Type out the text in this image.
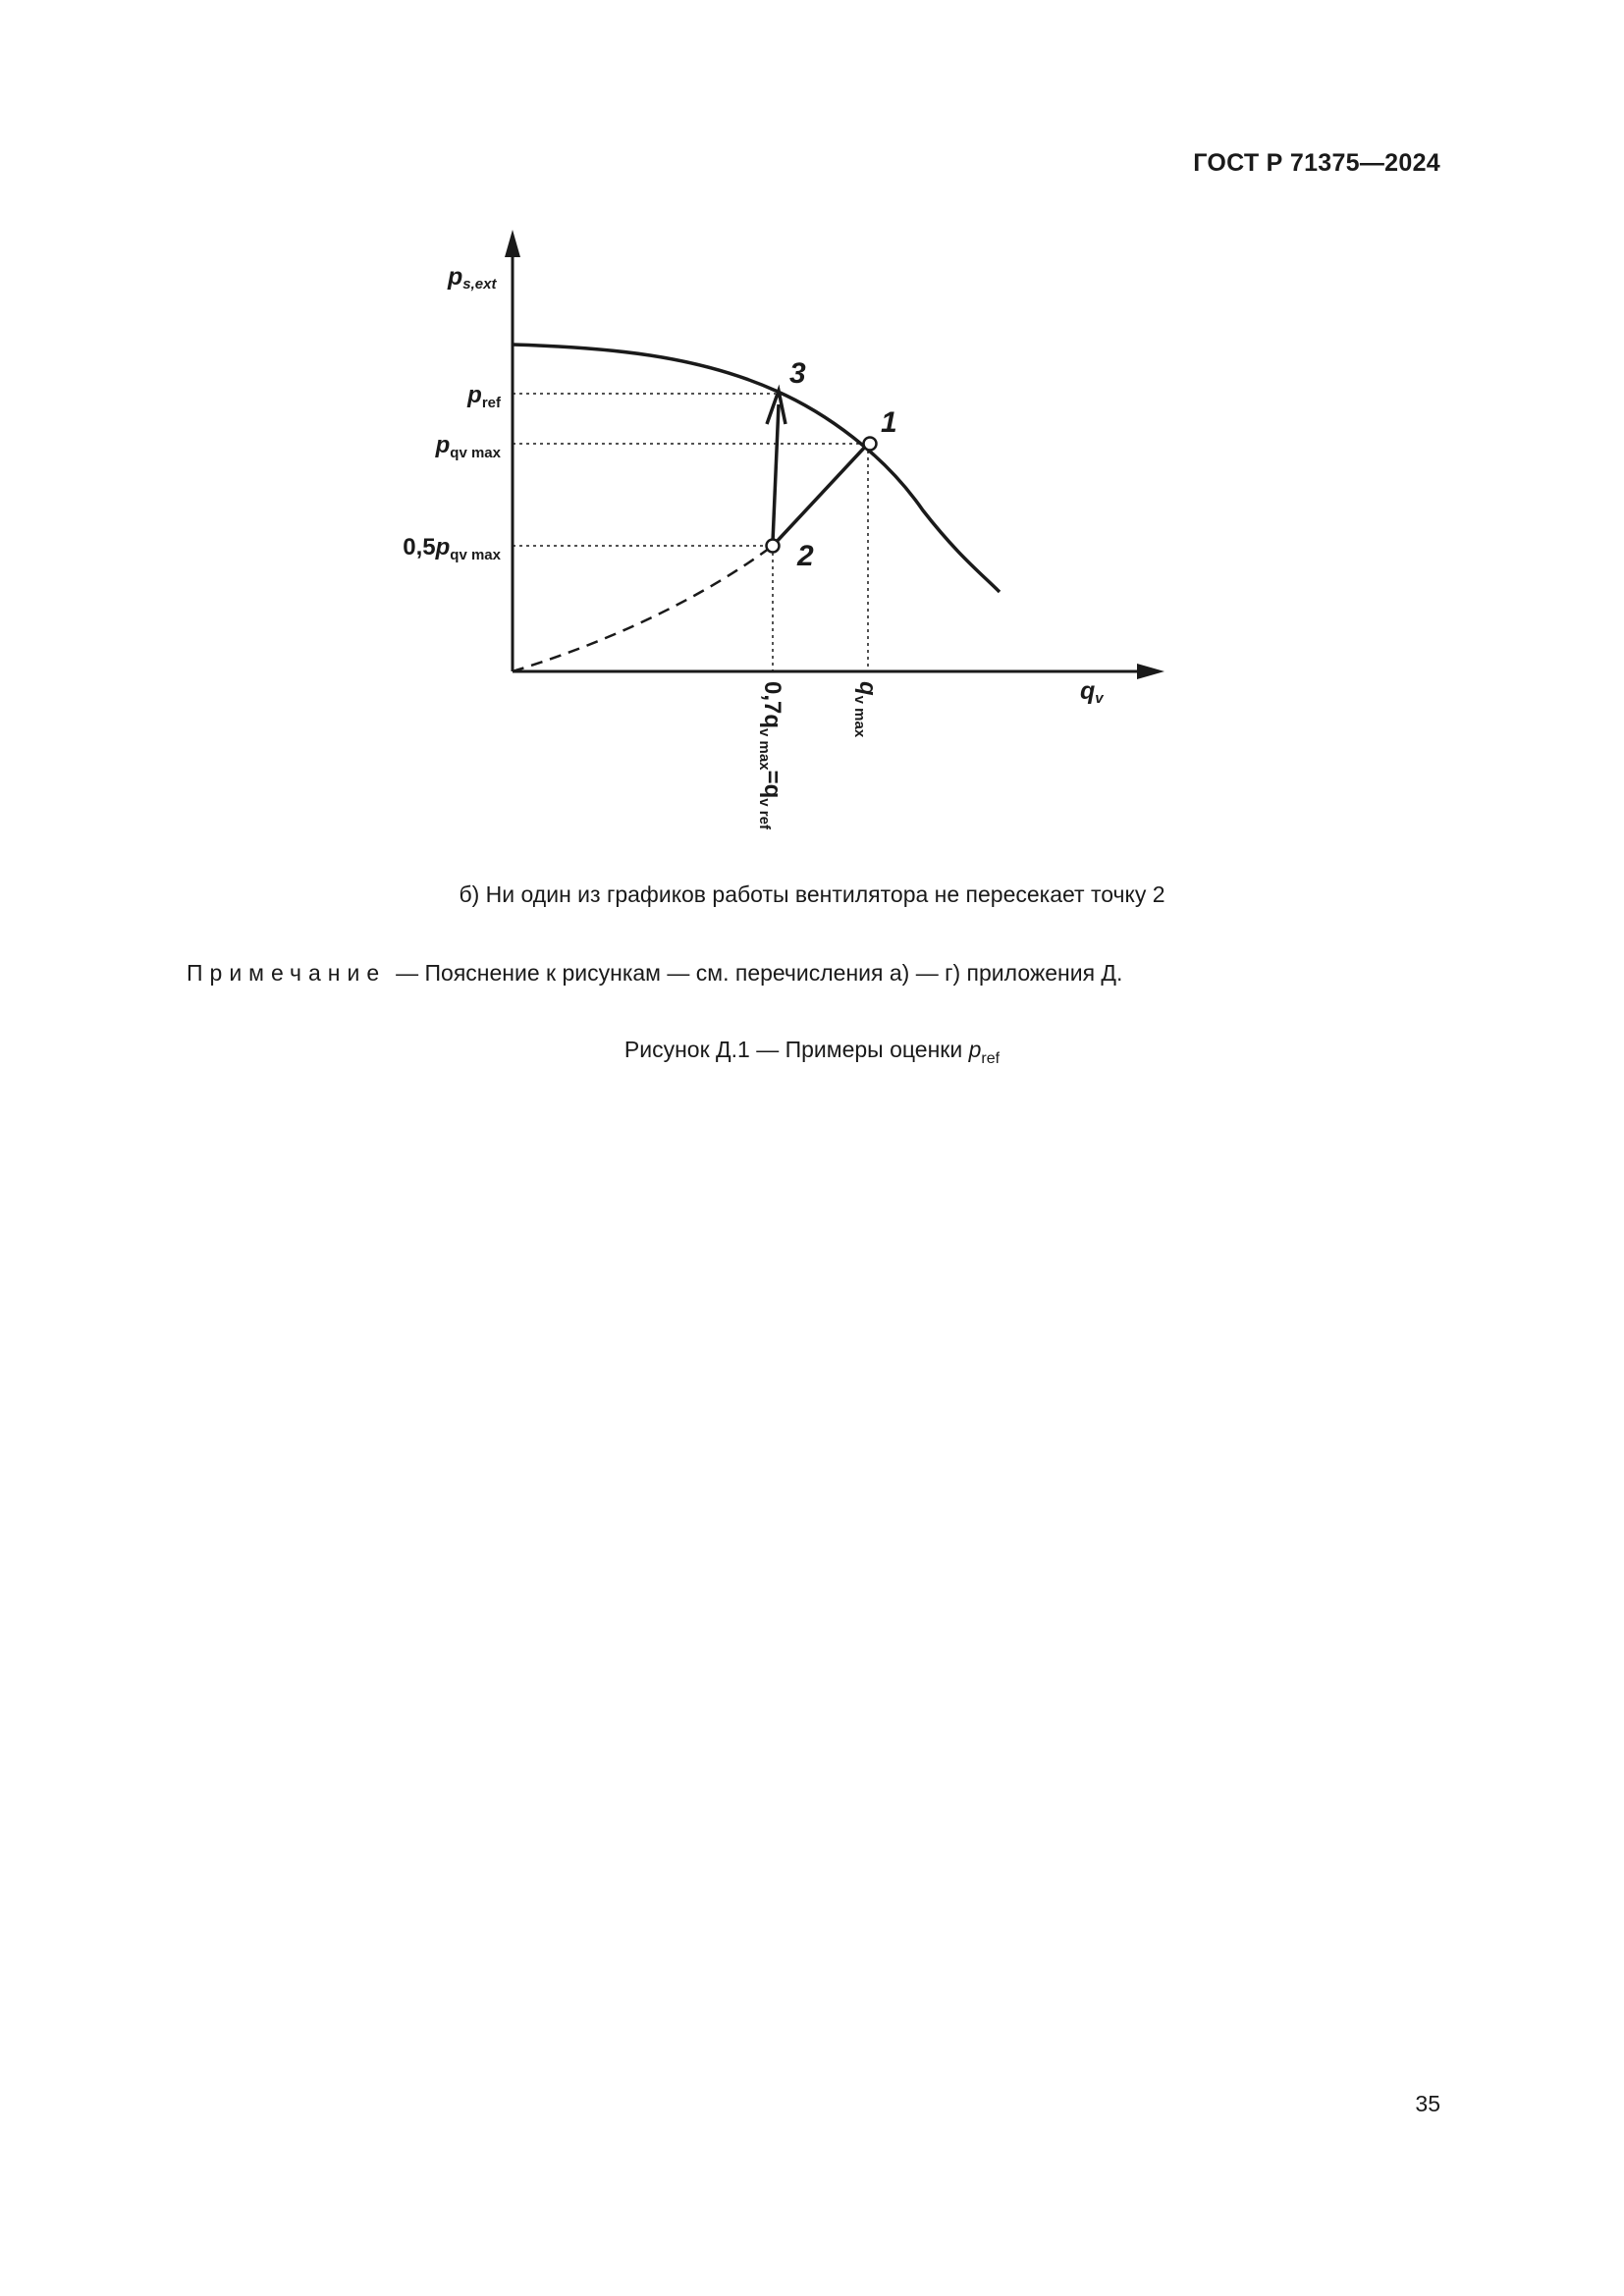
ГОСТ Р 71375—2024
1
2
3
ps,ext
qv
$p_{ref}$
$p_{qv max}$
$0,5p_{qv max}$
$0,7q_{v max}=q_{v ref}$
$q_{v max}$
б) Ни один из графиков работы вентилятора не пересекает точку 2
Примечание — Пояснение к рисункам — см. перечисления а) — г) приложения Д.
Рисунок Д.1 — Примеры оценки $p_{ref}$
35
